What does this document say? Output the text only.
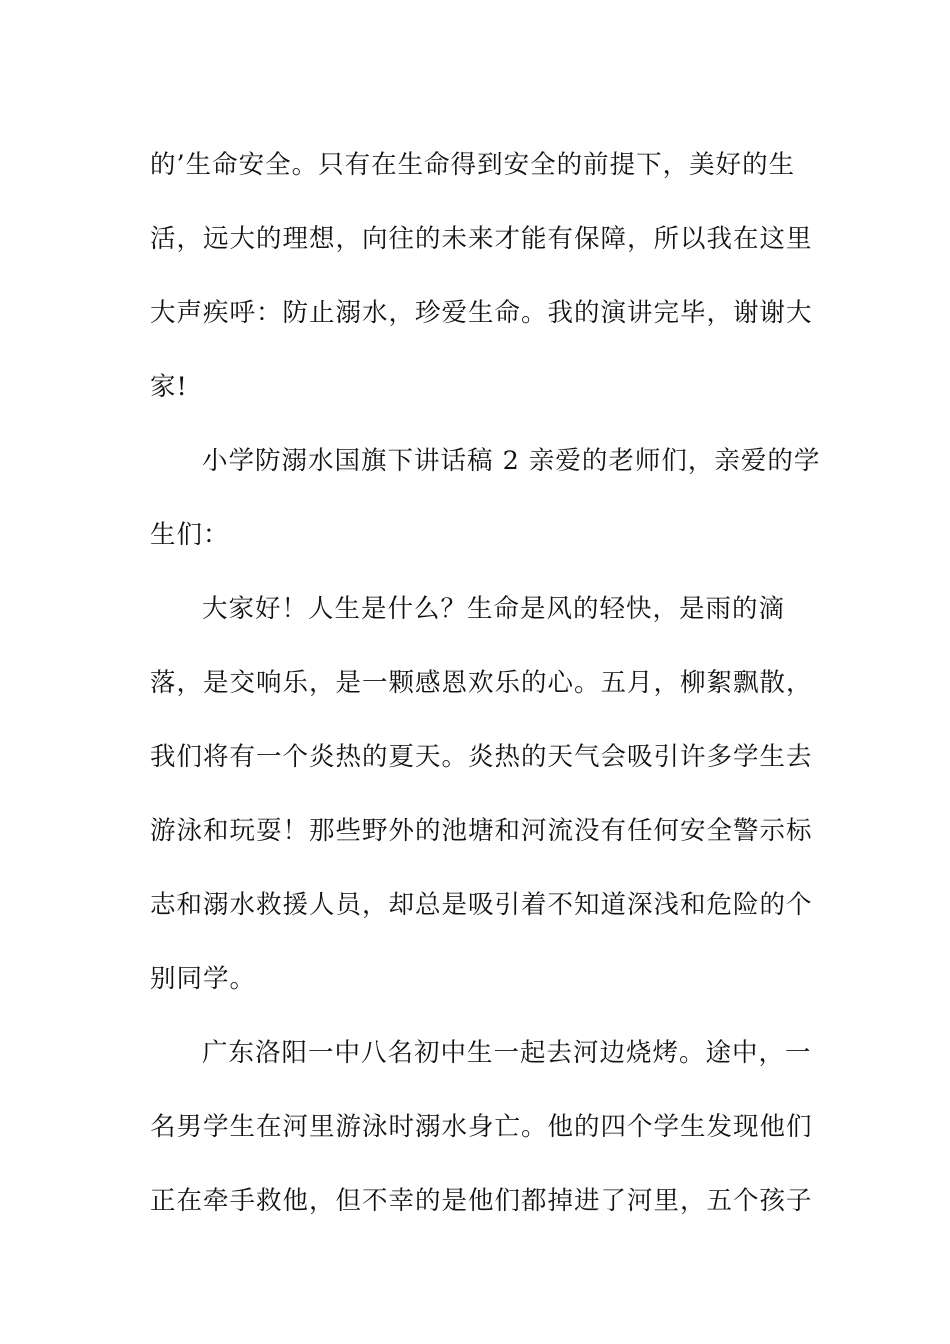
的’生命安全。只有在生命得到安全的前提下，美好的生
活，远大的理想，向往的未来才能有保障，所以我在这里
大声疾呼：防止溺水，珍爱生命。我的演讲完毕，谢谢大
家!

小学防溺水国旗下讲话稿 2 亲爱的老师们，亲爱的学
生们：

大家好！人生是什么？生命是风的轻快，是雨的滴
落，是交响乐，是一颗感恩欢乐的心。五月，柳絮飘散，
我们将有一个炎热的夏天。炎热的天气会吸引许多学生去
游泳和玩耍！那些野外的池塘和河流没有任何安全警示标
志和溺水救援人员，却总是吸引着不知道深浅和危险的个
别同学。

广东洛阳一中八名初中生一起去河边烧烤。途中，一
名男学生在河里游泳时溺水身亡。他的四个学生发现他们
正在牵手救他，但不幸的是他们都掉进了河里，五个孩子
